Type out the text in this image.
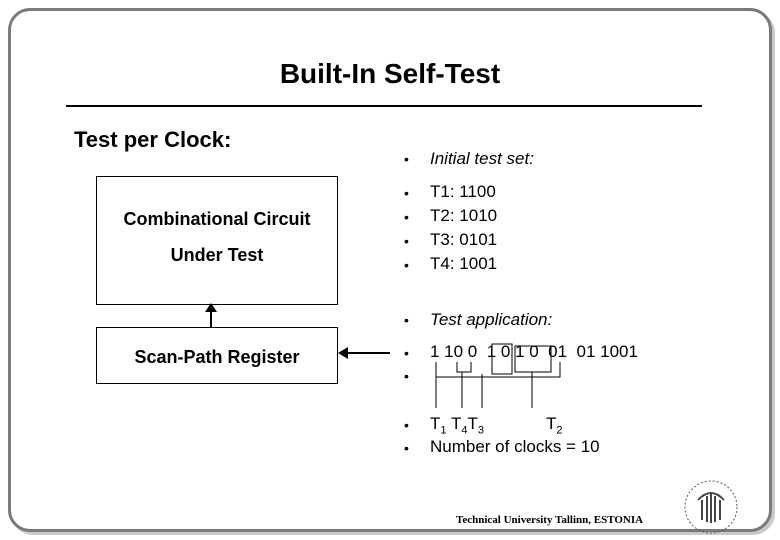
Built-In Self-Test
Test per Clock:
Combinational Circuit
Under Test
Scan-Path Register
• Initial test set:
• T1: 1100
• T2: 1010
• T3: 0101
• T4: 1001
• Test application:
• 1 10 0  1 0 1 0  01  01 1001
•
• $T_1$ $T_4T_3$	$T_2$
• Number of clocks = 10
Technical University Tallinn, ESTONIA
